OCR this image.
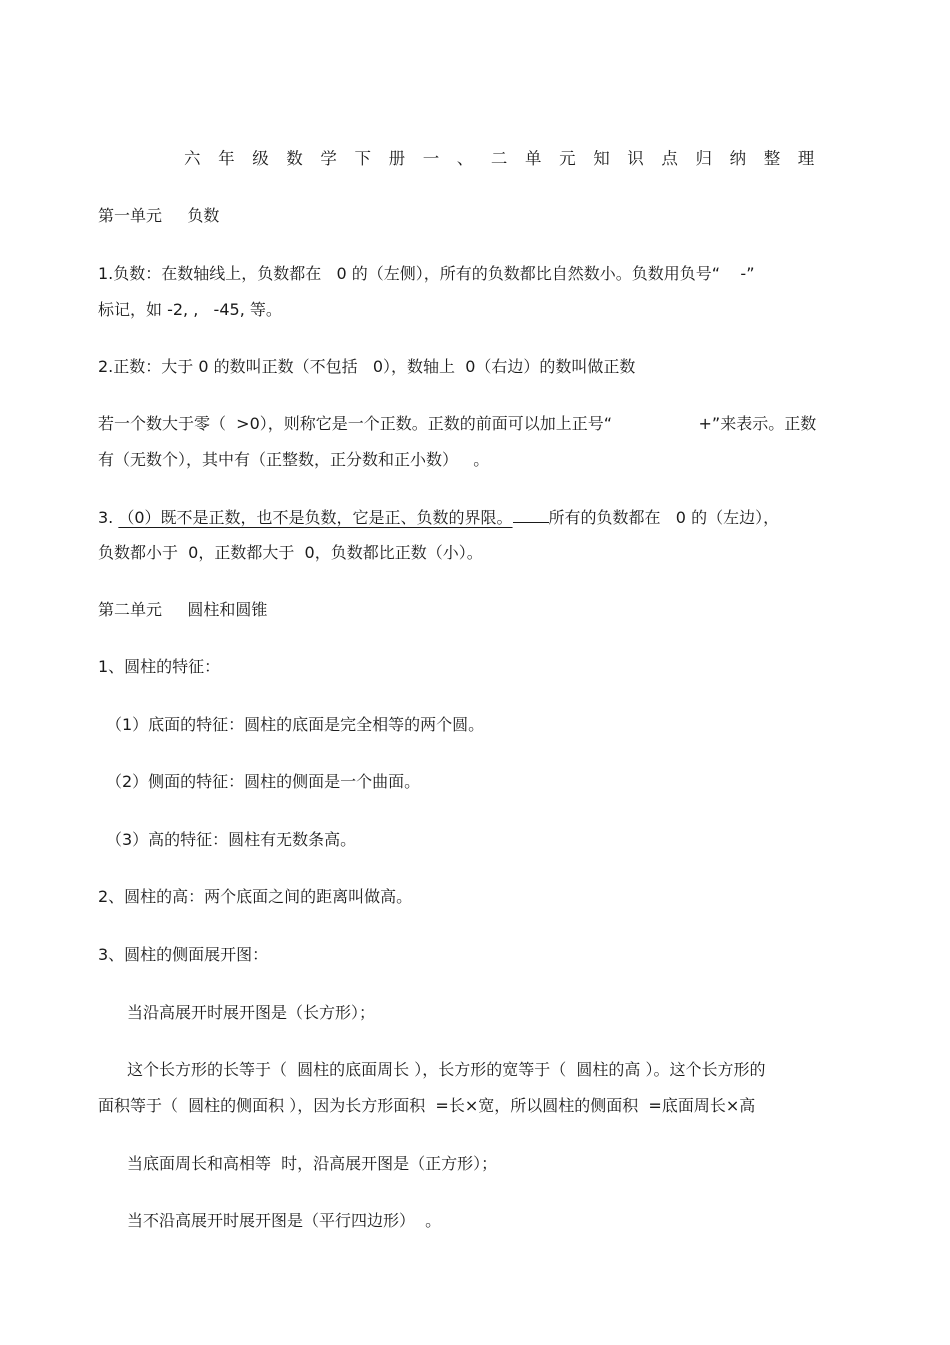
六年级数学下册一、二单元知识点归纳整理
第一单元     负数
1.负数：在数轴线上，负数都在   0 的（左侧），所有的负数都比自然数小。负数用负号“    -”
标记，如 -2, ,   -45, 等。
2.正数：大于 0 的数叫正数（不包括   0），数轴上  0（右边）的数叫做正数
若一个数大于零（  >0），则称它是一个正数。正数的前面可以加上正号“                 +”来表示。正数
有（无数个），其中有（正整数，正分数和正小数）   。
3. （0）既不是正数，也不是负数，它是正、负数的界限。 所有的负数都在   0 的（左边），
负数都小于  0，正数都大于  0，负数都比正数（小）。
第二单元     圆柱和圆锥
1、圆柱的特征：
（1）底面的特征：圆柱的底面是完全相等的两个圆。
（2）侧面的特征：圆柱的侧面是一个曲面。
（3）高的特征：圆柱有无数条高。
2、圆柱的高：两个底面之间的距离叫做高。
3、圆柱的侧面展开图：
当沿高展开时展开图是（长方形）；
这个长方形的长等于（  圆柱的底面周长 ），长方形的宽等于（  圆柱的高 ）。这个长方形的
面积等于（  圆柱的侧面积 ），因为长方形面积  =长×宽，所以圆柱的侧面积  =底面周长×高
当底面周长和高相等  时，沿高展开图是（正方形）；
当不沿高展开时展开图是（平行四边形）  。
